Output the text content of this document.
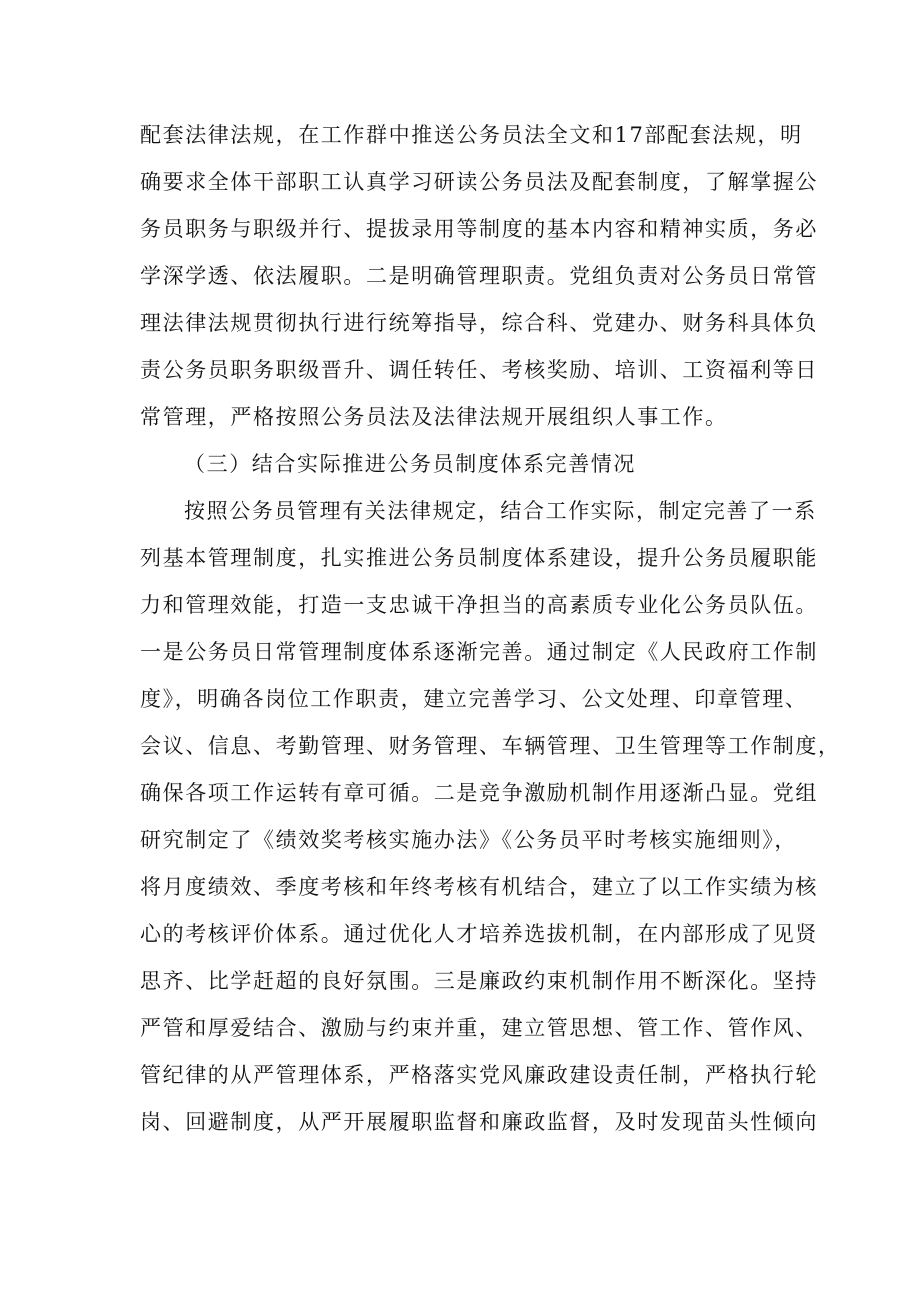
配套法律法规，在工作群中推送公务员法全文和17部配套法规，明
确要求全体干部职工认真学习研读公务员法及配套制度，了解掌握公
务员职务与职级并行、提拔录用等制度的基本内容和精神实质，务必
学深学透、依法履职。二是明确管理职责。党组负责对公务员日常管
理法律法规贯彻执行进行统筹指导，综合科、党建办、财务科具体负
责公务员职务职级晋升、调任转任、考核奖励、培训、工资福利等日
常管理，严格按照公务员法及法律法规开展组织人事工作。
（三）结合实际推进公务员制度体系完善情况
按照公务员管理有关法律规定，结合工作实际，制定完善了一系
列基本管理制度，扎实推进公务员制度体系建设，提升公务员履职能
力和管理效能，打造一支忠诚干净担当的高素质专业化公务员队伍。
一是公务员日常管理制度体系逐渐完善。通过制定《人民政府工作制
度》，明确各岗位工作职责，建立完善学习、公文处理、印章管理、
会议、信息、考勤管理、财务管理、车辆管理、卫生管理等工作制度，
确保各项工作运转有章可循。二是竞争激励机制作用逐渐凸显。党组
研究制定了《绩效奖考核实施办法》《公务员平时考核实施细则》，
将月度绩效、季度考核和年终考核有机结合，建立了以工作实绩为核
心的考核评价体系。通过优化人才培养选拔机制，在内部形成了见贤
思齐、比学赶超的良好氛围。三是廉政约束机制作用不断深化。坚持
严管和厚爱结合、激励与约束并重，建立管思想、管工作、管作风、
管纪律的从严管理体系，严格落实党风廉政建设责任制，严格执行轮
岗、回避制度，从严开展履职监督和廉政监督，及时发现苗头性倾向
